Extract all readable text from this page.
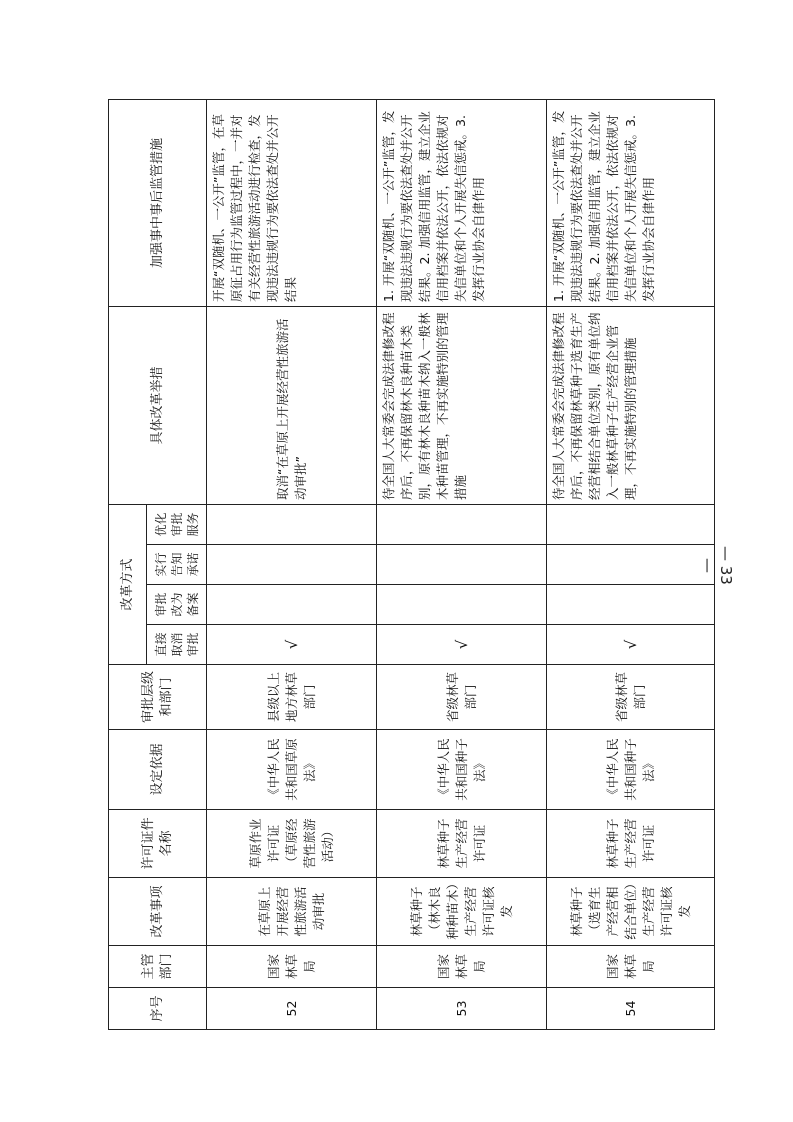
序号	主管部门	改革事项	许可证件名称	设定依据	审批层级和部门	改革方式				具体改革举措	加强事中事后监管措施
						直接取消审批	审批改为备案	实行告知承诺	优化审批服务		
52	国家林草局	在草原上开展经营性旅游活动审批	草原作业许可证（草原经营性旅游活动）	《中华人民共和国草原法》	县级以上地方林草部门	√				取消“在草原上开展经营性旅游活动审批”	开展“双随机、一公开”监管，在草原征占用行为监管过程中，一并对有关经营性旅游活动进行检查，发现违法违规行为要依法查处并公开结果
53	国家林草局	林草种子（林木良种种苗木）生产经营许可证核发	林草种子生产经营许可证	《中华人民共和国种子法》	省级林草部门	√				待全国人大常委会完成法律修改程序后，不再保留林木良种苗木类别，原有林木良种苗木纳入一般林木种苗管理，不再实施特别的管理措施	1. 开展“双随机、一公开”监管，发现违法违规行为要依法查处并公开结果。2. 加强信用监管，建立企业信用档案并依法公开，依法依规对失信单位和个人开展失信惩戒。3. 发挥行业协会自律作用
54	国家林草局	林草种子（选育生产经营相结合单位）生产经营许可证核发	林草种子生产经营许可证	《中华人民共和国种子法》	省级林草部门	√				待全国人大常委会完成法律修改程序后，不再保留林草种子选育生产经营相结合单位类别，原有单位纳入一般林草种子生产经营企业管理，不再实施特别的管理措施	1. 开展“双随机、一公开”监管，发现违法违规行为要依法查处并公开结果。2. 加强信用监管，建立企业信用档案并依法公开，依法依规对失信单位和个人开展失信惩戒。3. 发挥行业协会自律作用
— 33 —
